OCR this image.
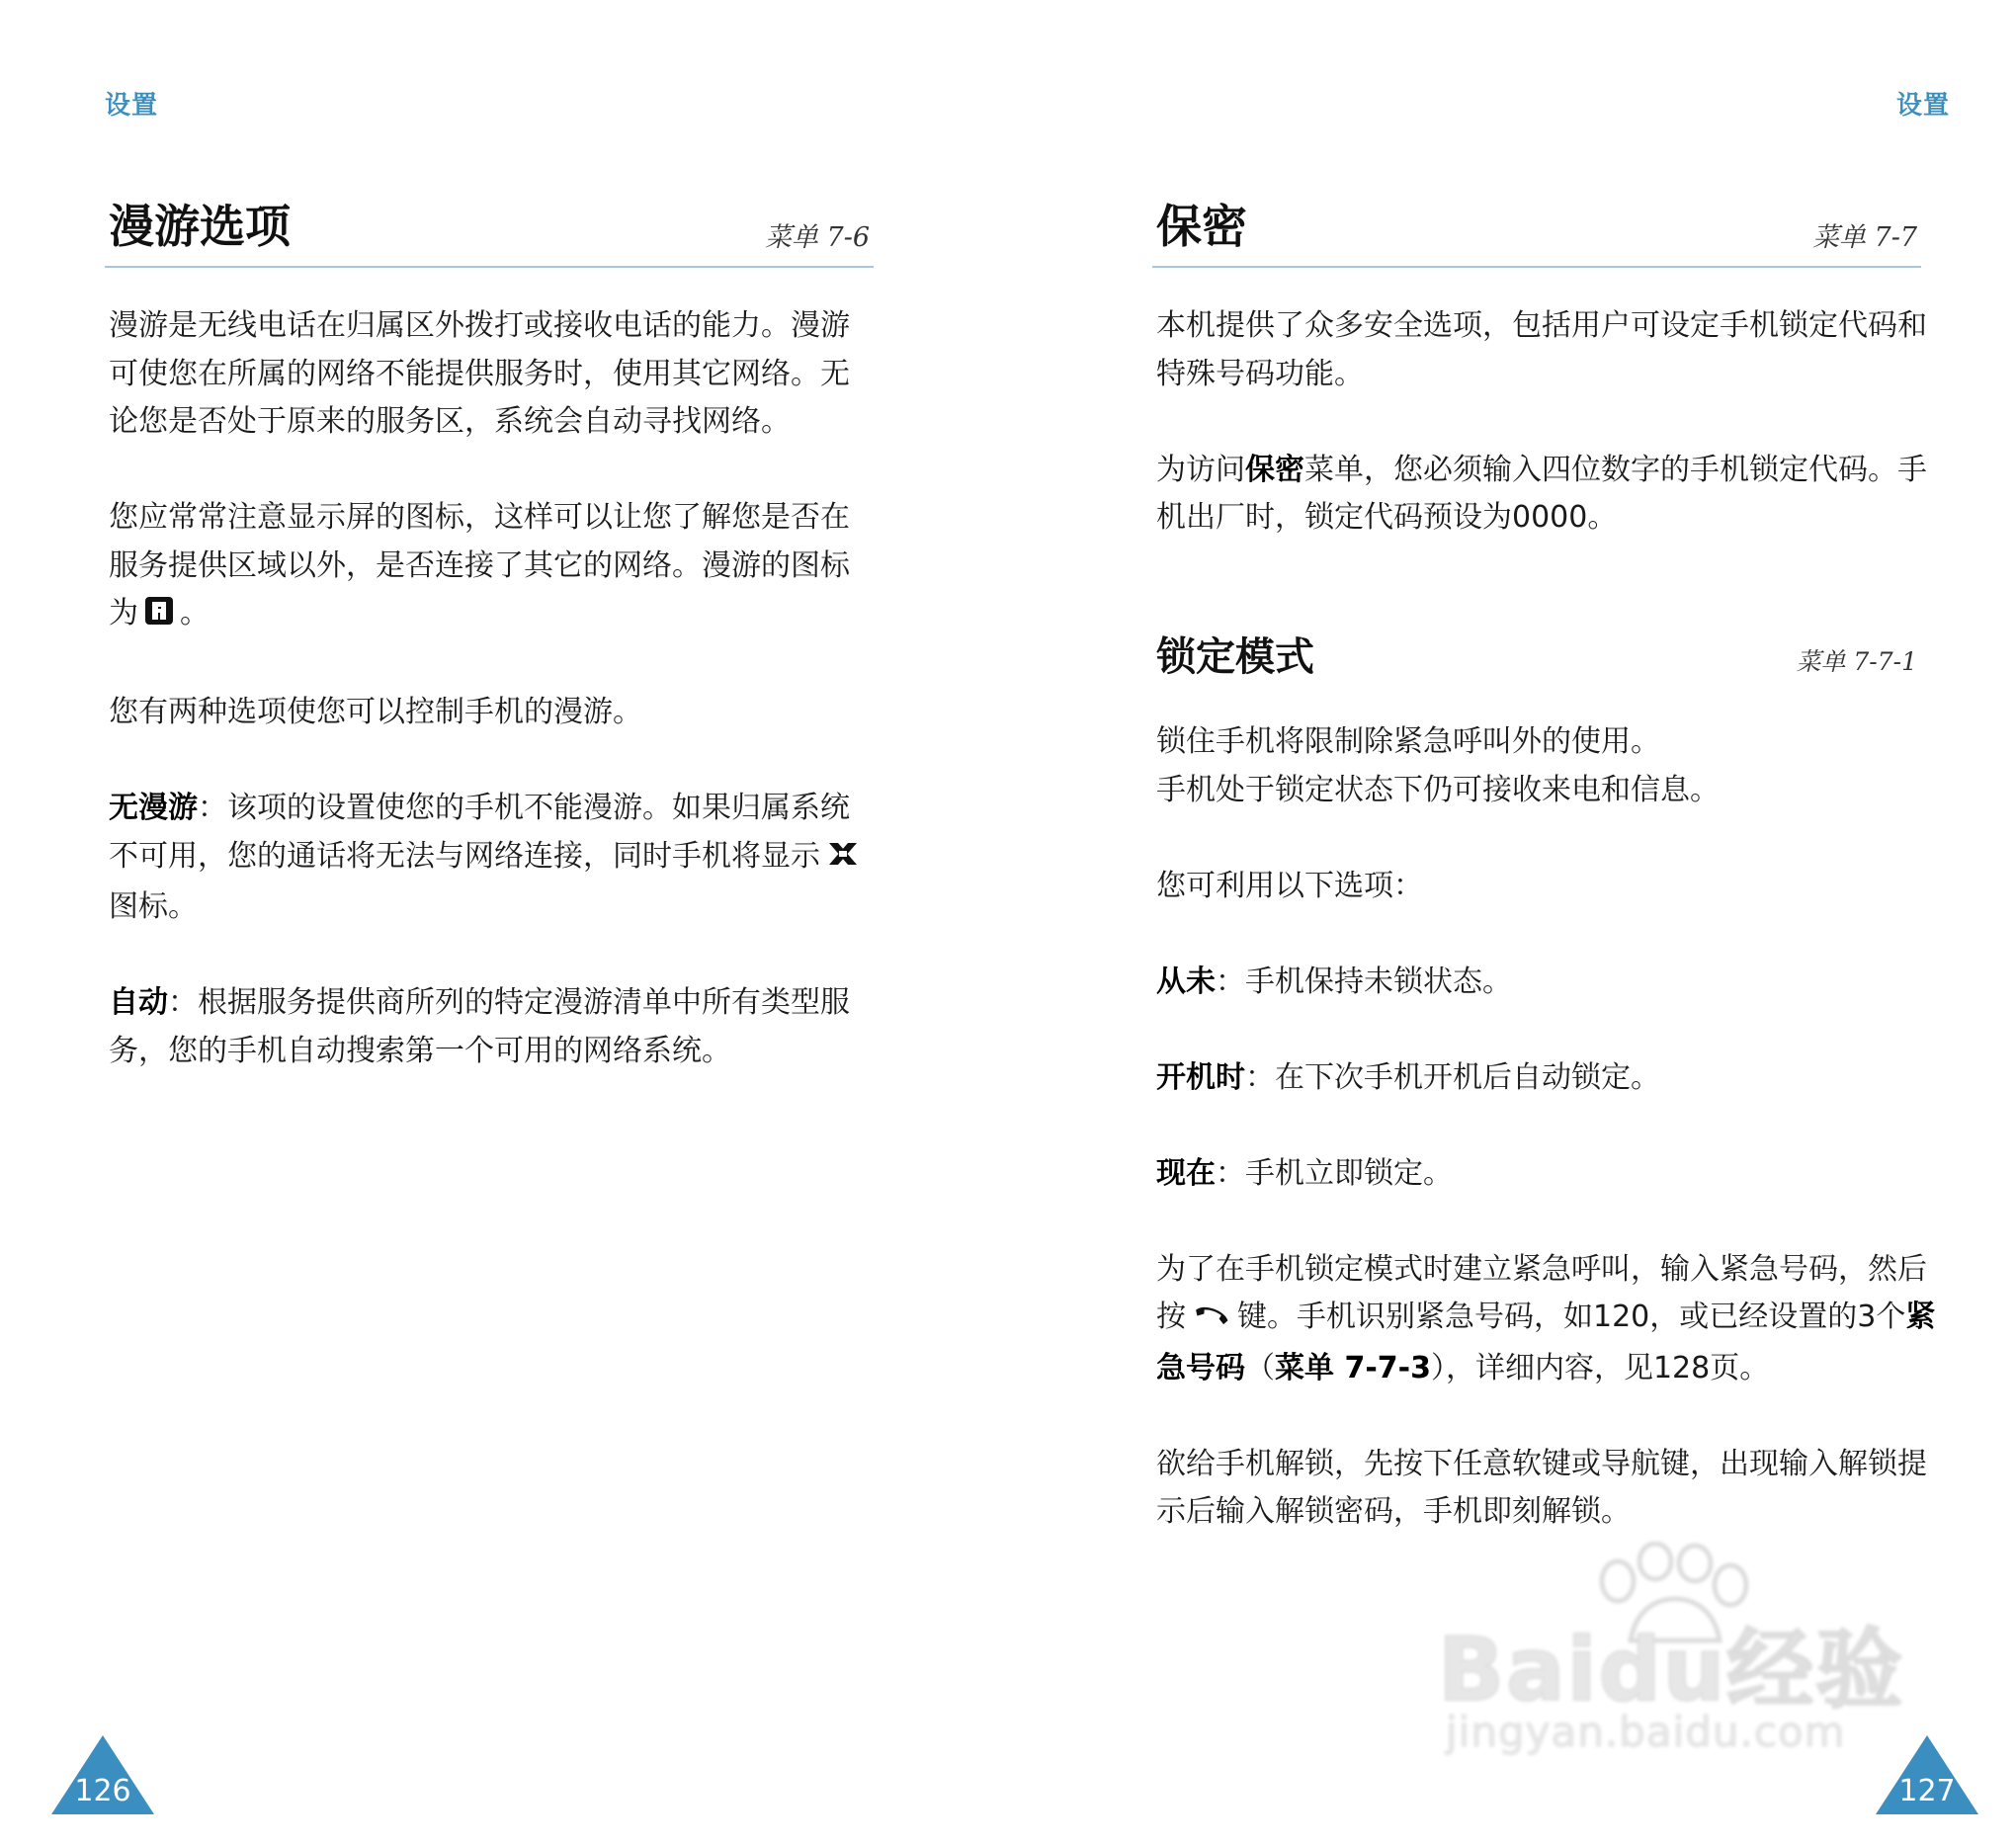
设置
漫游选项	菜单 7-6

漫游是无线电话在归属区外拨打或接收电话的能力。漫游可使您在所属的网络不能提供服务时，使用其它网络。无论您是否处于原来的服务区，系统会自动寻找网络。

您应常常注意显示屏的图标，这样可以让您了解您是否在服务提供区域以外，是否连接了其它的网络。漫游的图标为 。

您有两种选项使您可以控制手机的漫游。

无漫游：该项的设置使您的手机不能漫游。如果归属系统不可用，您的通话将无法与网络连接，同时手机将显示图标。

自动：根据服务提供商所列的特定漫游清单中所有类型服务，您的手机自动搜索第一个可用的网络系统。

126
设置
保密	菜单 7-7

本机提供了众多安全选项，包括用户可设定手机锁定代码和特殊号码功能。

为访问保密菜单，您必须输入四位数字的手机锁定代码。手机出厂时，锁定代码预设为0000。

锁定模式	菜单 7-7-1

锁住手机将限制除紧急呼叫外的使用。
手机处于锁定状态下仍可接收来电和信息。

您可利用以下选项：

从未：手机保持未锁状态。

开机时：在下次手机开机后自动锁定。

现在：手机立即锁定。

为了在手机锁定模式时建立紧急呼叫，输入紧急号码，然后按 键。手机识别紧急号码，如120，或已经设置的3个紧急号码（菜单 7-7-3），详细内容，见128页。

欲给手机解锁，先按下任意软键或导航键，出现输入解锁提示后输入解锁密码，手机即刻解锁。

127
Baidu经验
jingyan.baidu.com
